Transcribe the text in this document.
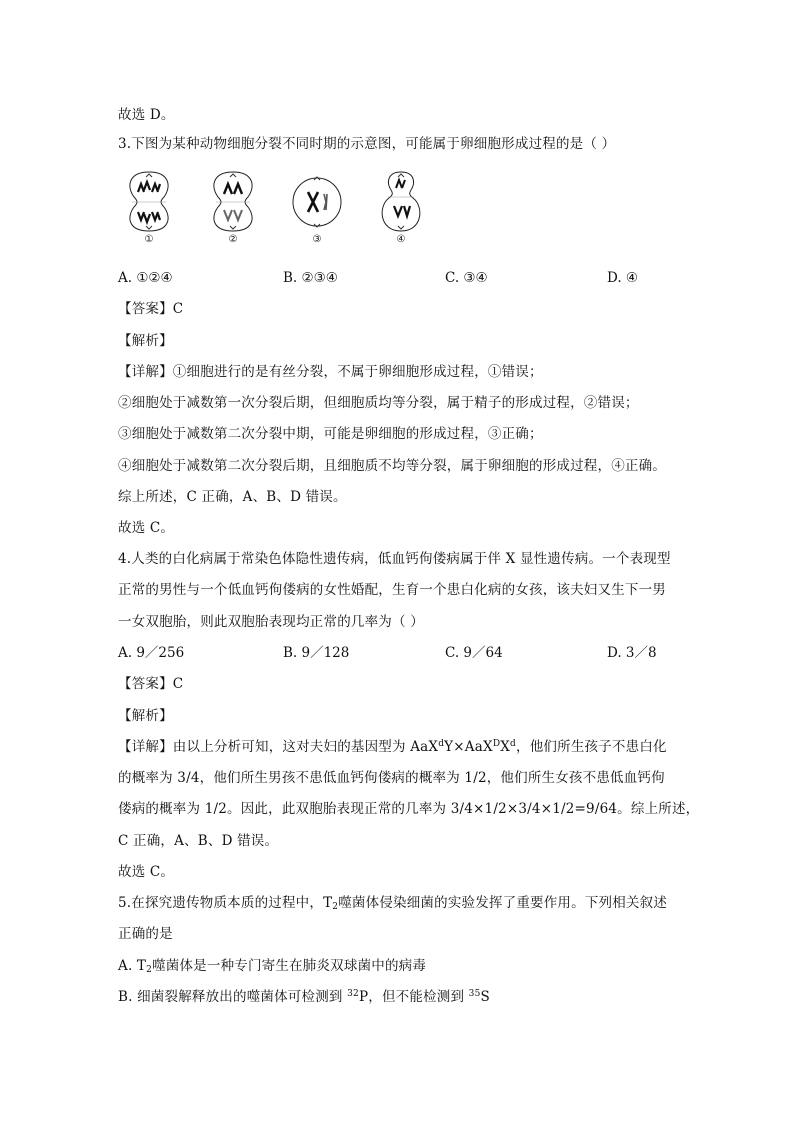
故选 D。
3.下图为某种动物细胞分裂不同时期的示意图，可能属于卵细胞形成过程的是（ ）
①	②	③	④
A. ①②④	B. ②③④	C. ③④	D. ④
【答案】C
【解析】
【详解】①细胞进行的是有丝分裂，不属于卵细胞形成过程，①错误；
②细胞处于减数第一次分裂后期，但细胞质均等分裂，属于精子的形成过程，②错误；
③细胞处于减数第二次分裂中期，可能是卵细胞的形成过程，③正确；
④细胞处于减数第二次分裂后期，且细胞质不均等分裂，属于卵细胞的形成过程，④正确。
综上所述，C 正确，A、B、D 错误。
故选 C。
4.人类的白化病属于常染色体隐性遗传病，低血钙佝偻病属于伴 X 显性遗传病。一个表现型
正常的男性与一个低血钙佝偻病的女性婚配，生育一个患白化病的女孩，该夫妇又生下一男
一女双胞胎，则此双胞胎表现均正常的几率为（ ）
A. 9／256	B. 9／128	C. 9／64	D. 3／8
【答案】C
【解析】
【详解】由以上分析可知，这对夫妇的基因型为 $AaX^dY\times AaX^DX^d$，他们所生孩子不患白化
的概率为 3/4，他们所生男孩不患低血钙佝偻病的概率为 1/2，他们所生女孩不患低血钙佝
偻病的概率为 1/2。因此，此双胞胎表现正常的几率为 3/4×1/2×3/4×1/2=9/64。综上所述，
C 正确，A、B、D 错误。
故选 C。
5.在探究遗传物质本质的过程中，$T_2$噬菌体侵染细菌的实验发挥了重要作用。下列相关叙述
正确的是
A. $T_2$噬菌体是一种专门寄生在肺炎双球菌中的病毒
B. 细菌裂解释放出的噬菌体可检测到 $^{32}$P，但不能检测到 $^{35}$S
